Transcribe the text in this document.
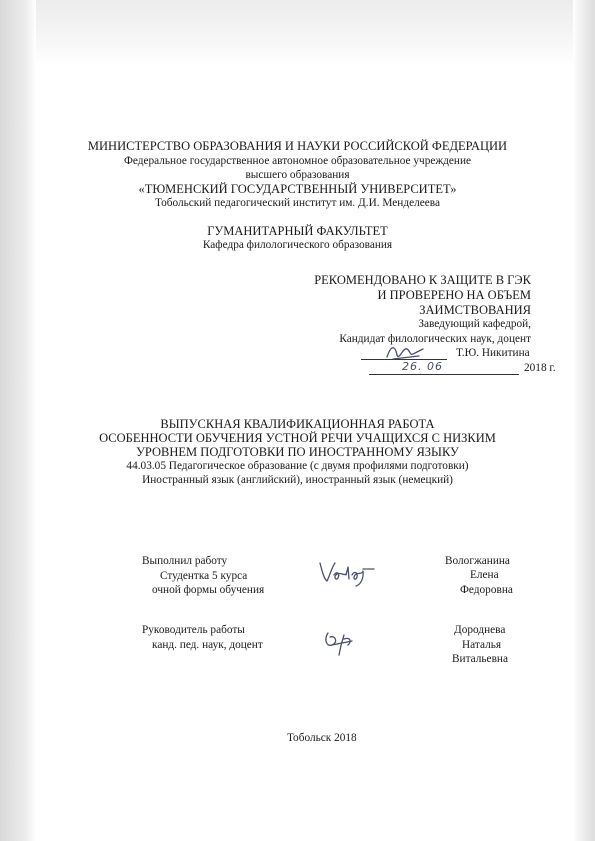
МИНИСТЕРСТВО ОБРАЗОВАНИЯ И НАУКИ РОССИЙСКОЙ ФЕДЕРАЦИИ
Федеральное государственное автономное образовательное учреждение
высшего образования
«ТЮМЕНСКИЙ ГОСУДАРСТВЕННЫЙ УНИВЕРСИТЕТ»
Тобольский педагогический институт им. Д.И. Менделеева
ГУМАНИТАРНЫЙ ФАКУЛЬТЕТ
Кафедра филологического образования
РЕКОМЕНДОВАНО К ЗАЩИТЕ В ГЭК
И ПРОВЕРЕНО НА ОБЪЕМ
ЗАИМСТВОВАНИЯ
Заведующий кафедрой,
Кандидат филологических наук, доцент
Т.Ю. Никитина
26. 06	2018 г.
ВЫПУСКНАЯ КВАЛИФИКАЦИОННАЯ РАБОТА
ОСОБЕННОСТИ ОБУЧЕНИЯ УСТНОЙ РЕЧИ УЧАЩИХСЯ С НИЗКИМ
УРОВНЕМ ПОДГОТОВКИ ПО ИНОСТРАННОМУ ЯЗЫКУ
44.03.05 Педагогическое образование (с двумя профилями подготовки)
Иностранный язык (английский), иностранный язык (немецкий)
Выполнил работу
Студентка 5 курса
очной формы обучения
Вологжанина
Елена
Федоровна
Руководитель работы
канд. пед. наук, доцент
Дороднева
Наталья
Витальевна
Тобольск 2018
